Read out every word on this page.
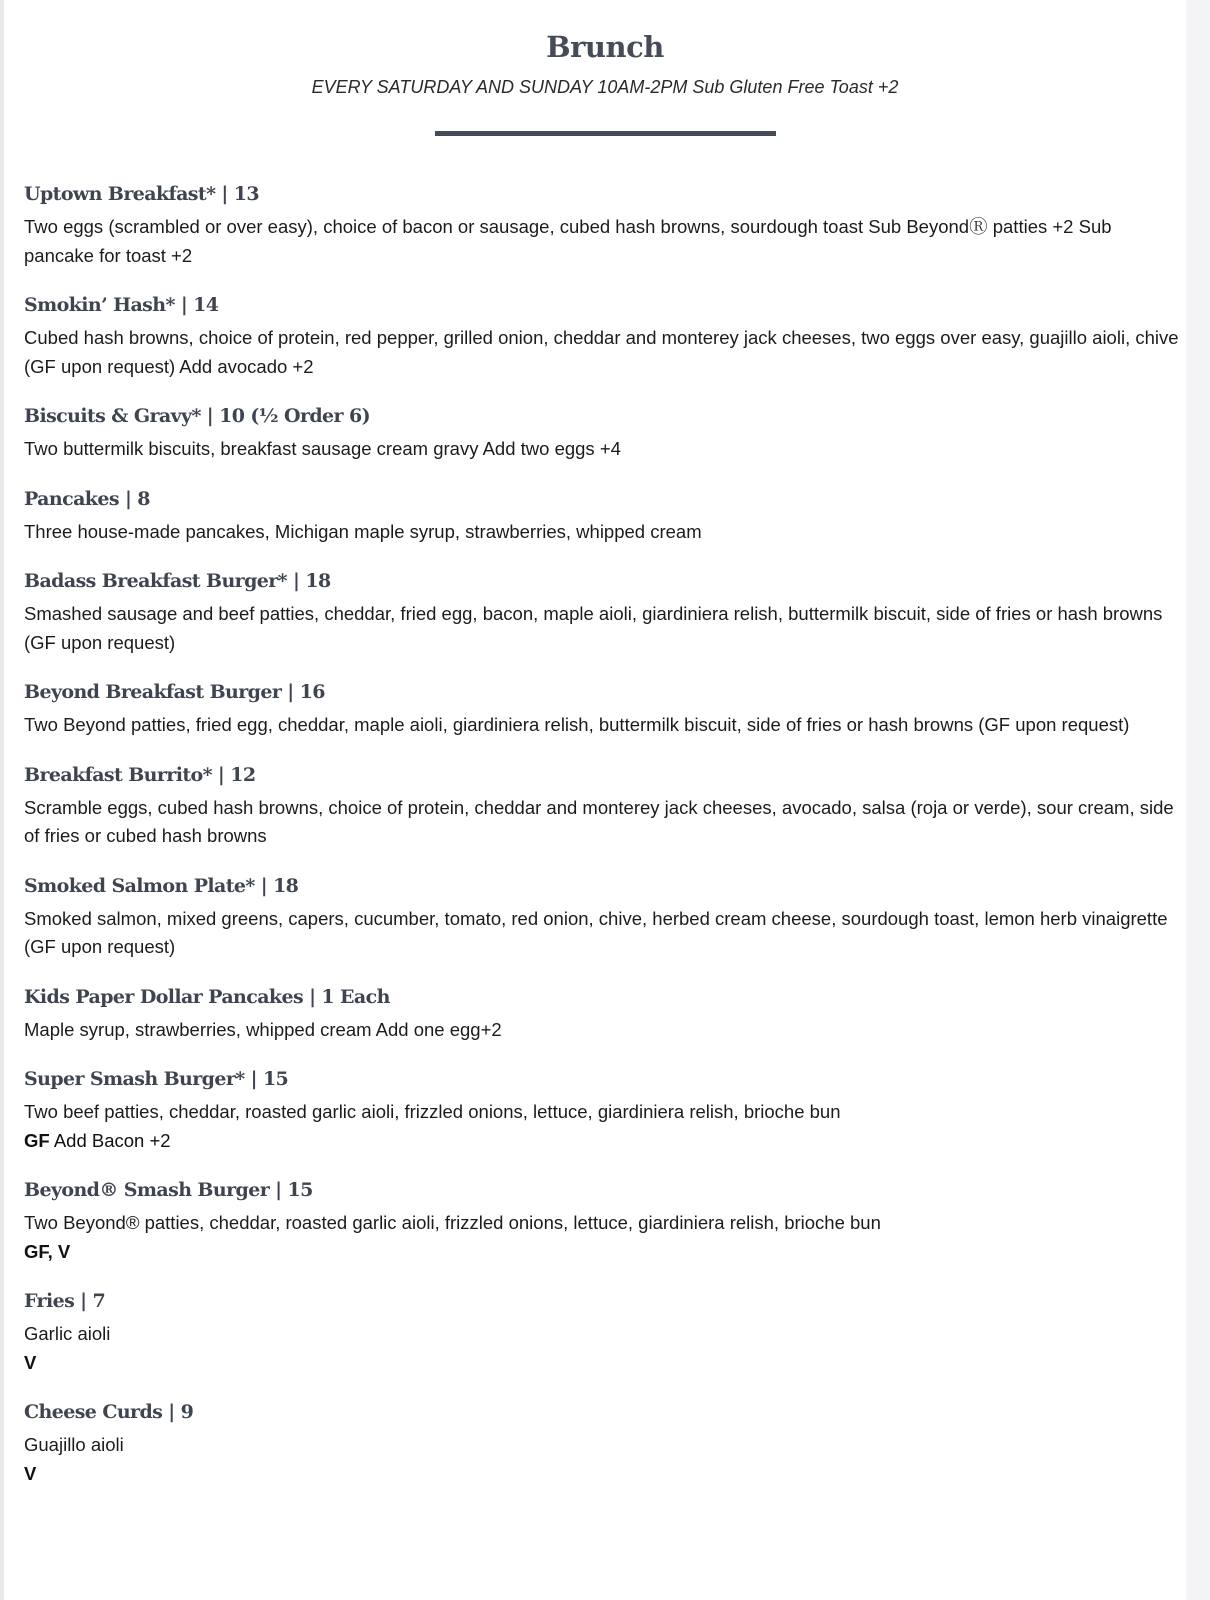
Brunch
EVERY SATURDAY AND SUNDAY 10AM-2PM Sub Gluten Free Toast +2
Uptown Breakfast* | 13
Two eggs (scrambled or over easy), choice of bacon or sausage, cubed hash browns, sourdough toast Sub BeyondⓇ patties +2 Sub pancake for toast +2
Smokin’ Hash* | 14
Cubed hash browns, choice of protein, red pepper, grilled onion, cheddar and monterey jack cheeses, two eggs over easy, guajillo aioli, chive (GF upon request) Add avocado +2
Biscuits & Gravy* | 10 (½ Order 6)
Two buttermilk biscuits, breakfast sausage cream gravy Add two eggs +4
Pancakes | 8
Three house-made pancakes, Michigan maple syrup, strawberries, whipped cream
Badass Breakfast Burger* | 18
Smashed sausage and beef patties, cheddar, fried egg, bacon, maple aioli, giardiniera relish, buttermilk biscuit, side of fries or hash browns (GF upon request)
Beyond Breakfast Burger | 16
Two Beyond patties, fried egg, cheddar, maple aioli, giardiniera relish, buttermilk biscuit, side of fries or hash browns (GF upon request)
Breakfast Burrito* | 12
Scramble eggs, cubed hash browns, choice of protein, cheddar and monterey jack cheeses, avocado, salsa (roja or verde), sour cream, side of fries or cubed hash browns
Smoked Salmon Plate* | 18
Smoked salmon, mixed greens, capers, cucumber, tomato, red onion, chive, herbed cream cheese, sourdough toast, lemon herb vinaigrette (GF upon request)
Kids Paper Dollar Pancakes | 1 Each
Maple syrup, strawberries, whipped cream Add one egg+2
Super Smash Burger* | 15
Two beef patties, cheddar, roasted garlic aioli, frizzled onions, lettuce, giardiniera relish, brioche bun
GF Add Bacon +2
Beyond® Smash Burger | 15
Two Beyond® patties, cheddar, roasted garlic aioli, frizzled onions, lettuce, giardiniera relish, brioche bun
GF, V
Fries | 7
Garlic aioli
V
Cheese Curds | 9
Guajillo aioli
V
